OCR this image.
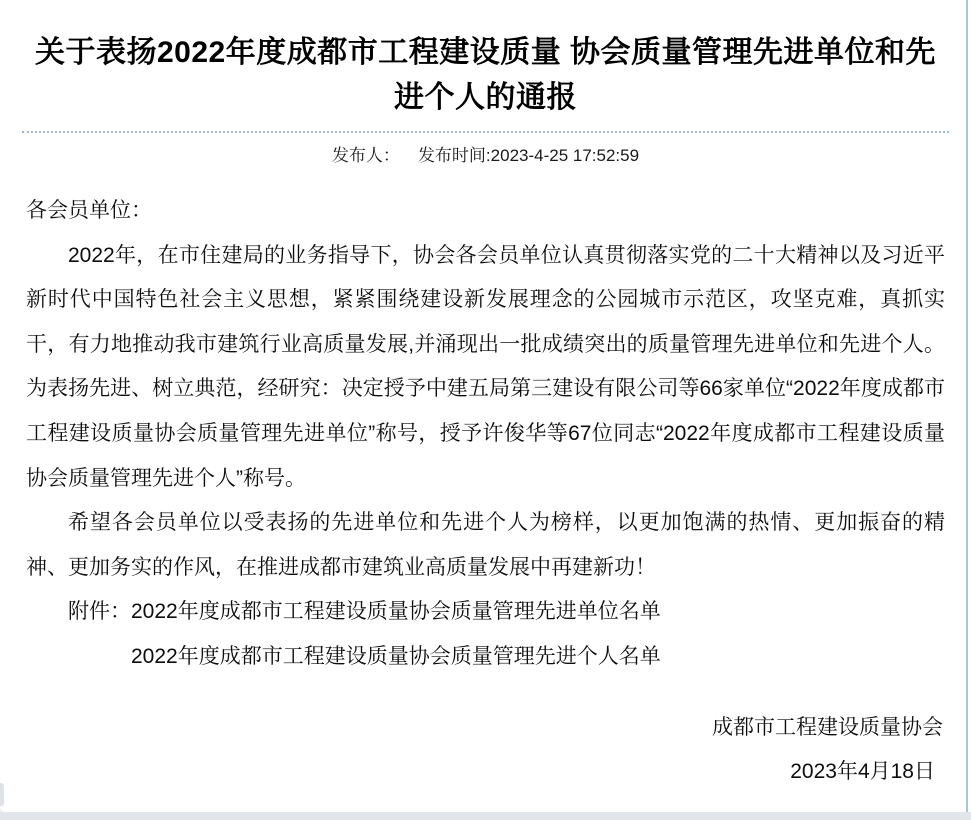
关于表扬2022年度成都市工程建设质量 协会质量管理先进单位和先进个人的通报
发布人： 发布时间:2023-4-25 17:52:59

各会员单位：

2022年，在市住建局的业务指导下，协会各会员单位认真贯彻落实党的二十大精神以及习近平新时代中国特色社会主义思想，紧紧围绕建设新发展理念的公园城市示范区，攻坚克难，真抓实干，有力地推动我市建筑行业高质量发展,并涌现出一批成绩突出的质量管理先进单位和先进个人。为表扬先进、树立典范，经研究：决定授予中建五局第三建设有限公司等66家单位“2022年度成都市工程建设质量协会质量管理先进单位”称号，授予许俊华等67位同志“2022年度成都市工程建设质量协会质量管理先进个人”称号。

希望各会员单位以受表扬的先进单位和先进个人为榜样，以更加饱满的热情、更加振奋的精神、更加务实的作风，在推进成都市建筑业高质量发展中再建新功！

附件：2022年度成都市工程建设质量协会质量管理先进单位名单

2022年度成都市工程建设质量协会质量管理先进个人名单

成都市工程建设质量协会
2023年4月18日
